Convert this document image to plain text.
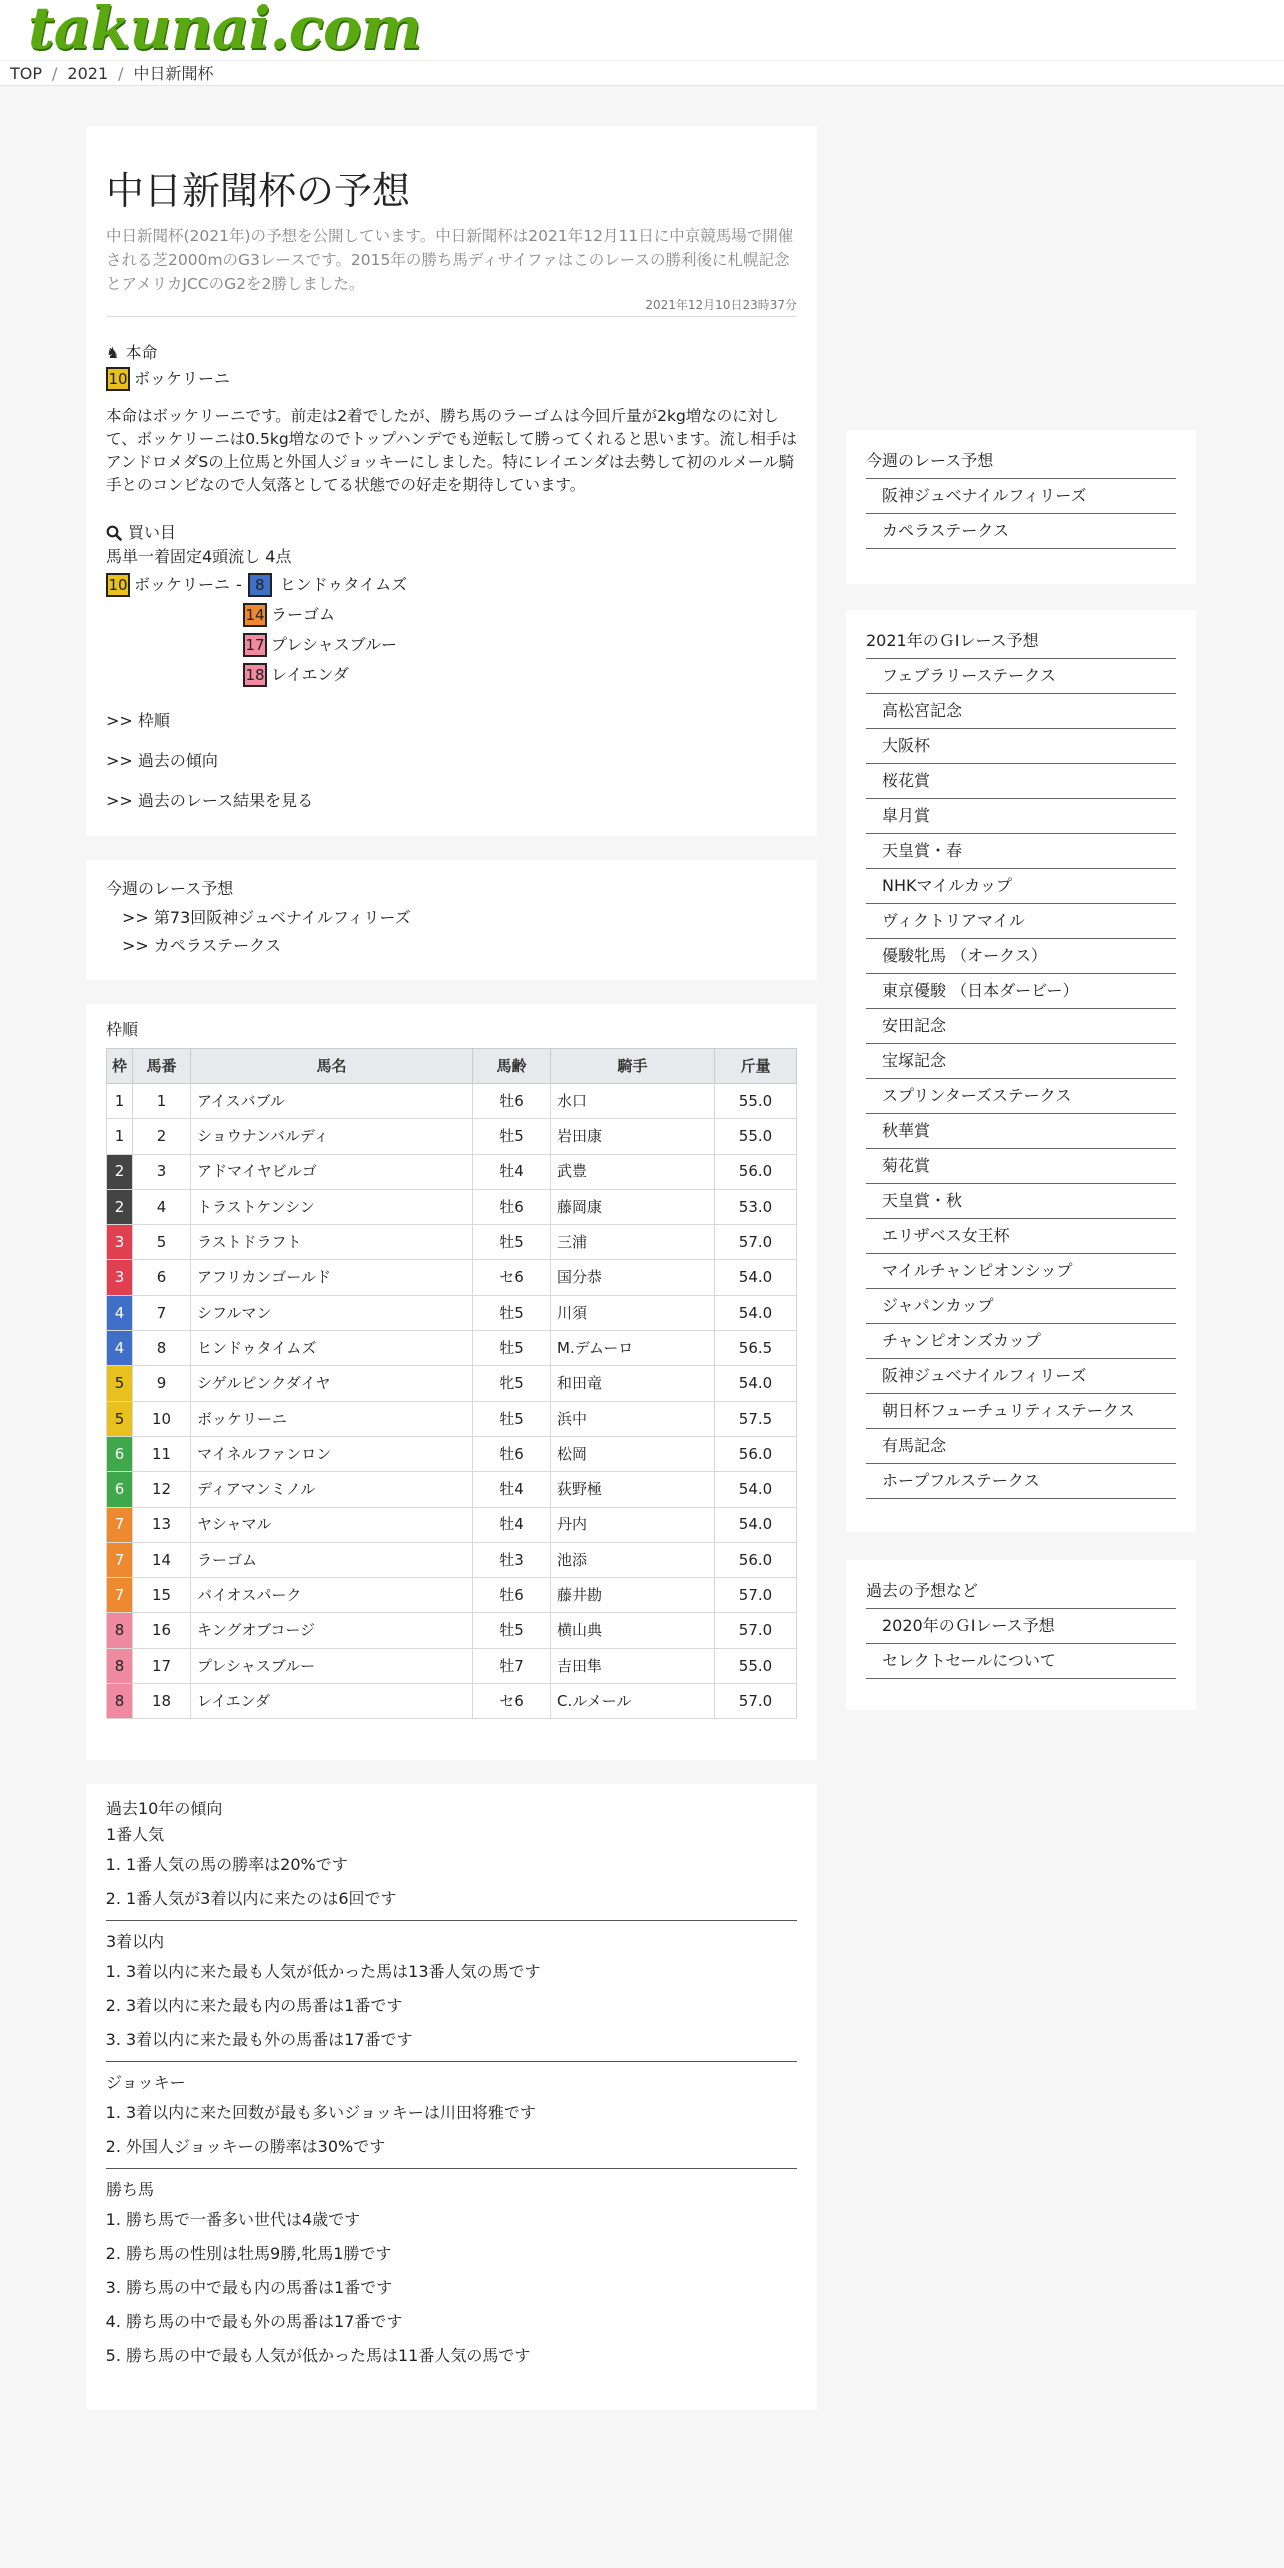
takunai.com
TOP / 2021 / 中日新聞杯
中日新聞杯の予想

中日新聞杯(2021年)の予想を公開しています。中日新聞杯は2021年12月11日に中京競馬場で開催される芝2000mのG3レースです。2015年の勝ち馬ディサイファはこのレースの勝利後に札幌記念とアメリカJCCのG2を2勝しました。

2021年12月10日23時37分
♞ 本命
10 ボッケリーニ

本命はボッケリーニです。前走は2着でしたが、勝ち馬のラーゴムは今回斤量が2kg増なのに対して、ボッケリーニは0.5kg増なのでトップハンデでも逆転して勝ってくれると思います。流し相手はアンドロメダSの上位馬と外国人ジョッキーにしました。特にレイエンダは去勢して初のルメール騎手とのコンビなので人気落としてる状態での好走を期待しています。

買い目
馬単一着固定4頭流し 4点
10 ボッケリーニ - 8 ヒンドゥタイムズ
14 ラーゴム
17 プレシャスブルー
18 レイエンダ
>> 枠順
>> 過去の傾向
>> 過去のレース結果を見る
今週のレース予想
>> 第73回阪神ジュベナイルフィリーズ
>> カペラステークス
枠順
枠	馬番	馬名	馬齢	騎手	斤量
1	1	アイスバブル	牡6	水口	55.0
1	2	ショウナンバルディ	牡5	岩田康	55.0
2	3	アドマイヤビルゴ	牡4	武豊	56.0
2	4	トラストケンシン	牡6	藤岡康	53.0
3	5	ラストドラフト	牡5	三浦	57.0
3	6	アフリカンゴールド	セ6	国分恭	54.0
4	7	シフルマン	牡5	川須	54.0
4	8	ヒンドゥタイムズ	牡5	M.デムーロ	56.5
5	9	シゲルピンクダイヤ	牝5	和田竜	54.0
5	10	ボッケリーニ	牡5	浜中	57.5
6	11	マイネルファンロン	牡6	松岡	56.0
6	12	ディアマンミノル	牡4	荻野極	54.0
7	13	ヤシャマル	牡4	丹内	54.0
7	14	ラーゴム	牡3	池添	56.0
7	15	バイオスパーク	牡6	藤井勘	57.0
8	16	キングオブコージ	牡5	横山典	57.0
8	17	プレシャスブルー	牡7	吉田隼	55.0
8	18	レイエンダ	セ6	C.ルメール	57.0
過去10年の傾向
1番人気
1. 1番人気の馬の勝率は20%です
2. 1番人気が3着以内に来たのは6回です
3着以内
1. 3着以内に来た最も人気が低かった馬は13番人気の馬です
2. 3着以内に来た最も内の馬番は1番です
3. 3着以内に来た最も外の馬番は17番です
ジョッキー
1. 3着以内に来た回数が最も多いジョッキーは川田将雅です
2. 外国人ジョッキーの勝率は30%です
勝ち馬
1. 勝ち馬で一番多い世代は4歳です
2. 勝ち馬の性別は牡馬9勝,牝馬1勝です
3. 勝ち馬の中で最も内の馬番は1番です
4. 勝ち馬の中で最も外の馬番は17番です
5. 勝ち馬の中で最も人気が低かった馬は11番人気の馬です
今週のレース予想
阪神ジュベナイルフィリーズ
カペラステークス
2021年のＧⅠレース予想
フェブラリーステークス
高松宮記念
大阪杯
桜花賞
皐月賞
天皇賞・春
NHKマイルカップ
ヴィクトリアマイル
優駿牝馬 （オークス）
東京優駿 （日本ダービー）
安田記念
宝塚記念
スプリンターズステークス
秋華賞
菊花賞
天皇賞・秋
エリザベス女王杯
マイルチャンピオンシップ
ジャパンカップ
チャンピオンズカップ
阪神ジュベナイルフィリーズ
朝日杯フューチュリティステークス
有馬記念
ホープフルステークス
過去の予想など
2020年のＧⅠレース予想
セレクトセールについて
